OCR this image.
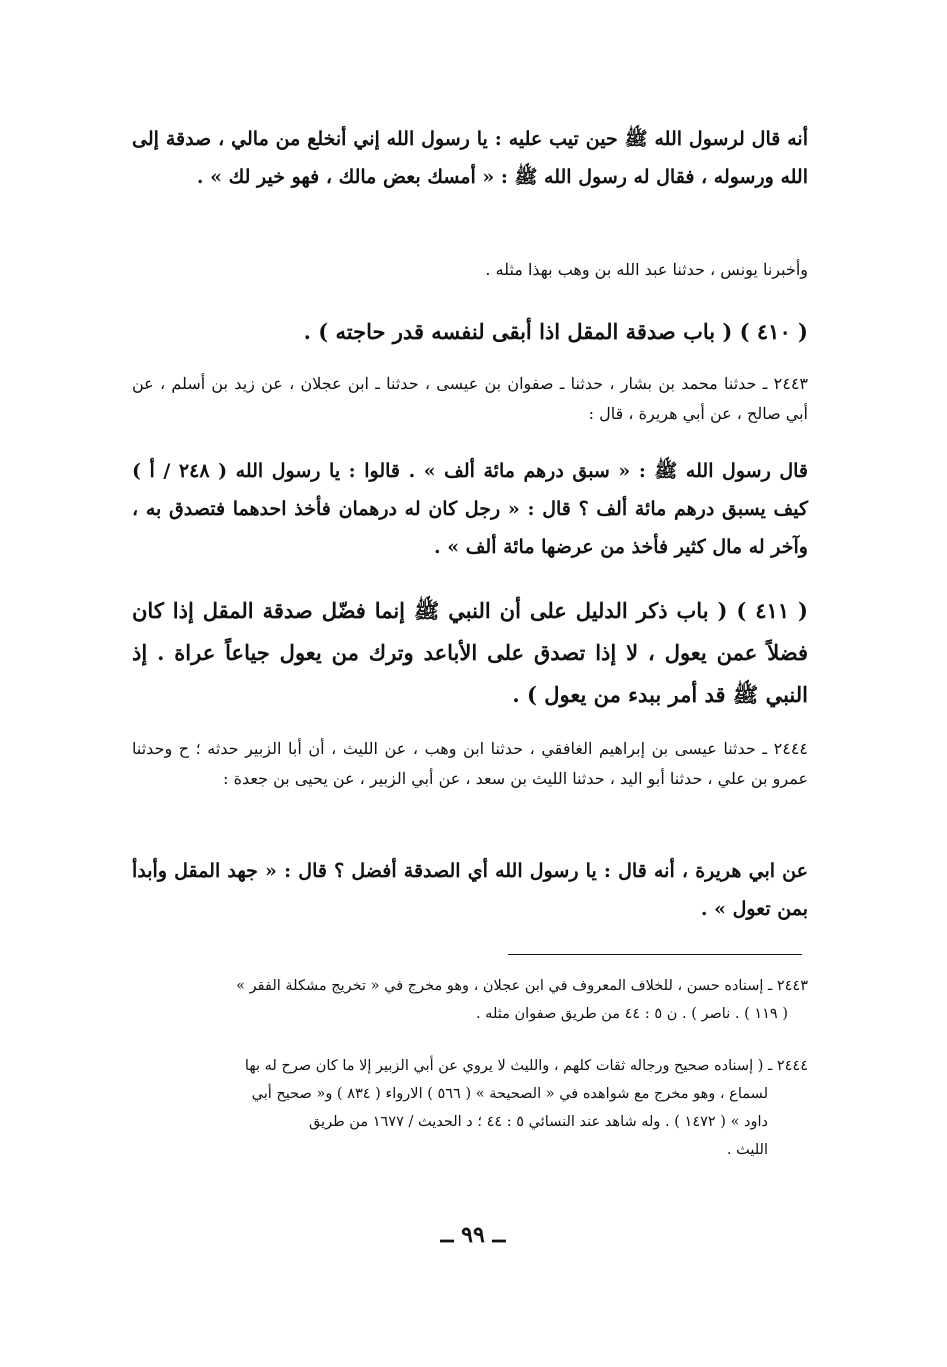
أنه قال لرسول الله ﷺ حين تيب عليه : يا رسول الله إني أنخلع من مالي ، صدقة إلى الله ورسوله ، فقال له رسول الله ﷺ : « أمسك بعض مالك ، فهو خير لك » .

وأخبرنا يونس ، حدثنا عبد الله بن وهب بهذا مثله .

( ٤١٠ ) ( باب صدقة المقل اذا أبقى لنفسه قدر حاجته ) .

٢٤٤٣ ـ حدثنا محمد بن بشار ، حدثنا ـ صفوان بن عيسى ، حدثنا ـ ابن عجلان ، عن زيد بن أسلم ، عن أبي صالح ، عن أبي هريرة ، قال :

قال رسول الله ﷺ : « سبق درهم مائة ألف » . قالوا : يا رسول الله ( ٢٤٨ / أ ) كيف يسبق درهم مائة ألف ؟ قال : « رجل كان له درهمان فأخذ احدهما فتصدق به ، وآخر له مال كثير فأخذ من عرضها مائة ألف » .

( ٤١١ ) ( باب ذكر الدليل على أن النبي ﷺ إنما فضّل صدقة المقل إذا كان فضلاً عمن يعول ، لا إذا تصدق على الأباعد وترك من يعول جياعاً عراة . إذ النبي ﷺ قد أمر ببدء من يعول ) .

٢٤٤٤ ـ حدثنا عيسى بن إبراهيم الغافقي ، حدثنا ابن وهب ، عن الليث ، أن أبا الزبير حدثه ؛ ح وحدثنا عمرو بن علي ، حدثنا أبو اليد ، حدثنا الليث بن سعد ، عن أبي الزبير ، عن يحيى بن جعدة :

عن ابي هريرة ، أنه قال : يا رسول الله أي الصدقة أفضل ؟ قال : « جهد المقل وأبدأ بمن تعول » .

٢٤٤٣ ـ إسناده حسن ، للخلاف المعروف في ابن عجلان ، وهو مخرج في « تخريج مشكلة الفقر »

( ١١٩ ) . ناصر ) . ن ٥ : ٤٤ من طريق صفوان مثله .

٢٤٤٤ ـ ( إسناده صحيح ورجاله ثقات كلهم ، والليث لا يروي عن أبي الزبير إلا ما كان صرح له بها

لسماع ، وهو مخرج مع شواهده في « الصحيحة » ( ٥٦٦ ) الارواء ( ٨٣٤ ) و« صحيح أبي

داود » ( ١٤٧٢ ) . وله شاهد عند النسائي ٥ : ٤٤ ؛ د الحديث / ١٦٧٧ من طريق

الليث .

ــ ٩٩ ــ
